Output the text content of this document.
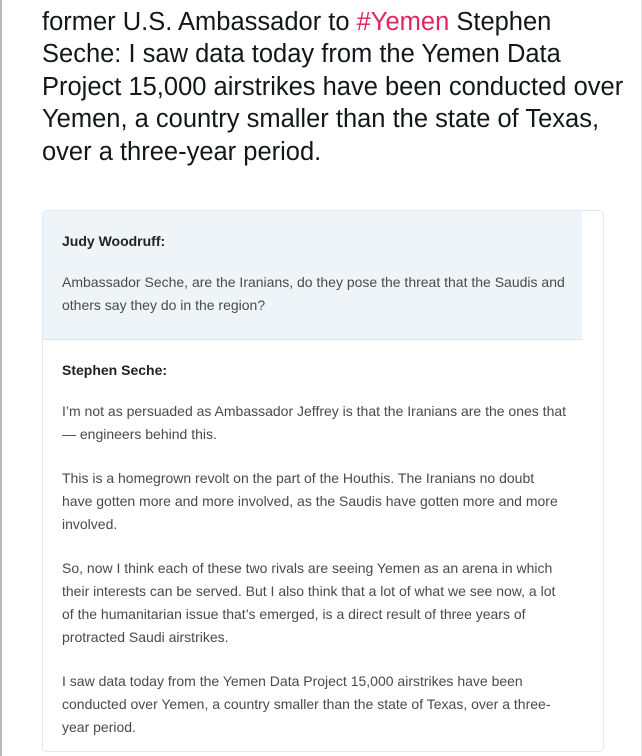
former U.S. Ambassador to #Yemen Stephen Seche: I saw data today from the Yemen Data Project 15,000 airstrikes have been conducted over Yemen, a country smaller than the state of Texas, over a three-year period.
Judy Woodruff:
Ambassador Seche, are the Iranians, do they pose the threat that the Saudis and others say they do in the region?
Stephen Seche:
I’m not as persuaded as Ambassador Jeffrey is that the Iranians are the ones that — engineers behind this.
This is a homegrown revolt on the part of the Houthis. The Iranians no doubt have gotten more and more involved, as the Saudis have gotten more and more involved.
So, now I think each of these two rivals are seeing Yemen as an arena in which their interests can be served. But I also think that a lot of what we see now, a lot of the humanitarian issue that’s emerged, is a direct result of three years of protracted Saudi airstrikes.
I saw data today from the Yemen Data Project 15,000 airstrikes have been conducted over Yemen, a country smaller than the state of Texas, over a three-year period.
